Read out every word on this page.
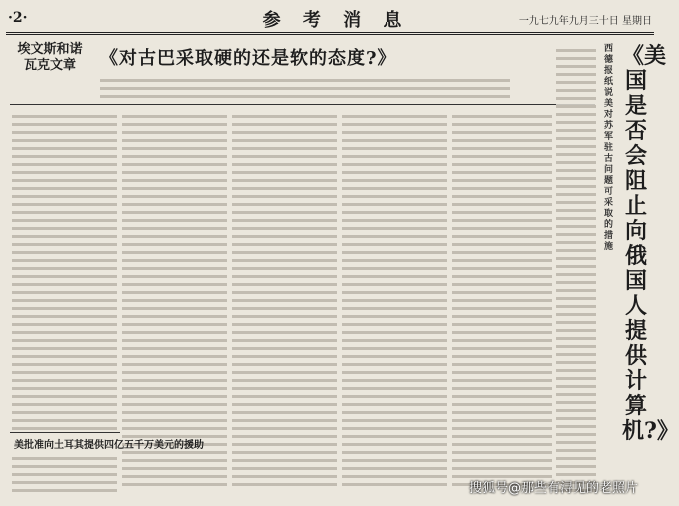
·2·	参 考 消 息	一九七九年九月三十日 星期日
埃文斯和诺瓦克文章	《对古巴采取硬的还是软的态度?》
美批准向土耳其提供四亿五千万美元的援助
西德报纸说美对苏军驻古问题可采取的措施
《美国是否会阻止向俄国人提供计算机?》
搜狐号@那些有浔见的老照片
